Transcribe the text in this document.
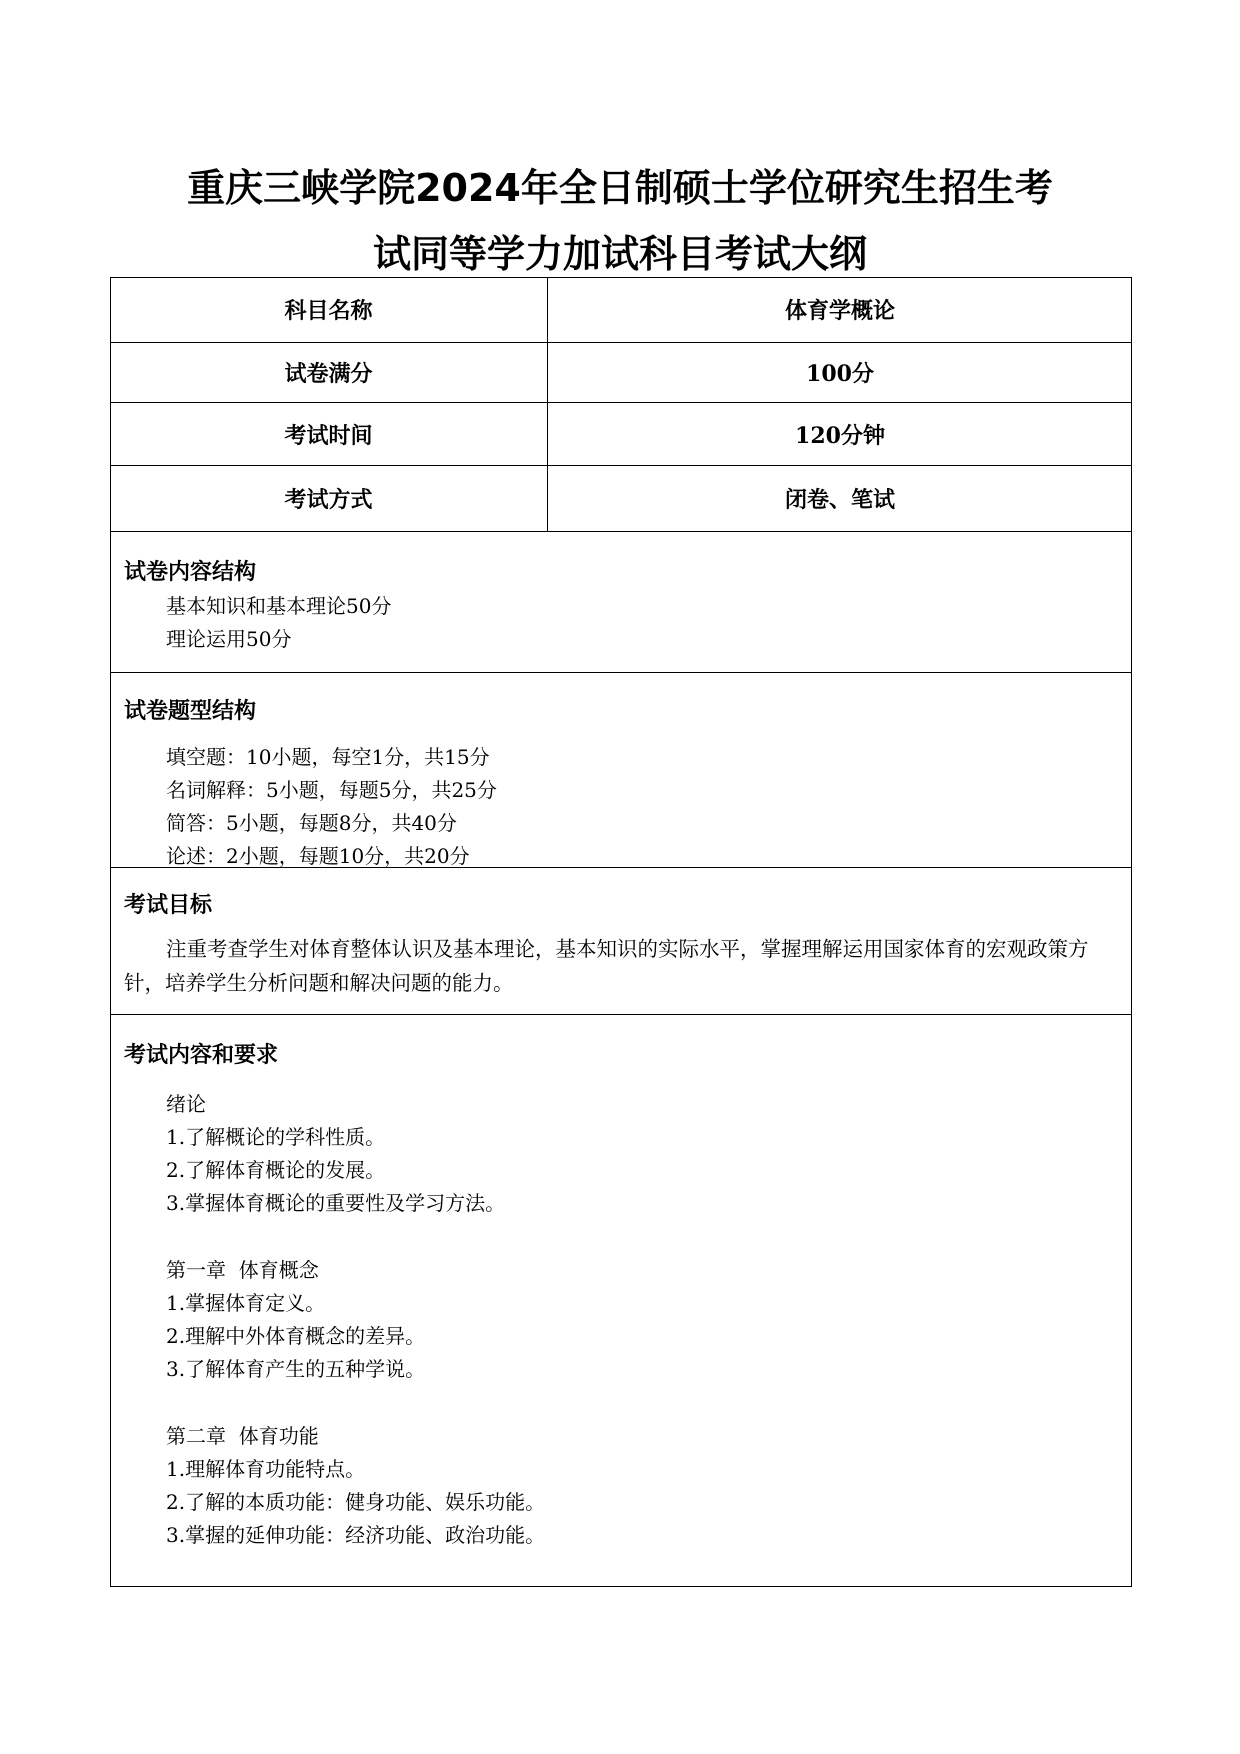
重庆三峡学院2024年全日制硕士学位研究生招生考
试同等学力加试科目考试大纲
科目名称	体育学概论
试卷满分	100分
考试时间	120分钟
考试方式	闭卷、笔试
试卷内容结构
基本知识和基本理论50分
理论运用50分
试卷题型结构
填空题：10小题，每空1分，共15分
名词解释：5小题，每题5分，共25分
简答：5小题，每题8分，共40分
论述：2小题，每题10分，共20分
考试目标
注重考查学生对体育整体认识及基本理论，基本知识的实际水平，掌握理解运用国家体育的宏观政策方针，培养学生分析问题和解决问题的能力。
考试内容和要求
绪论
1.了解概论的学科性质。
2.了解体育概论的发展。
3.掌握体育概论的重要性及学习方法。
第一章  体育概念
1.掌握体育定义。
2.理解中外体育概念的差异。
3.了解体育产生的五种学说。
第二章  体育功能
1.理解体育功能特点。
2.了解的本质功能：健身功能、娱乐功能。
3.掌握的延伸功能：经济功能、政治功能。
